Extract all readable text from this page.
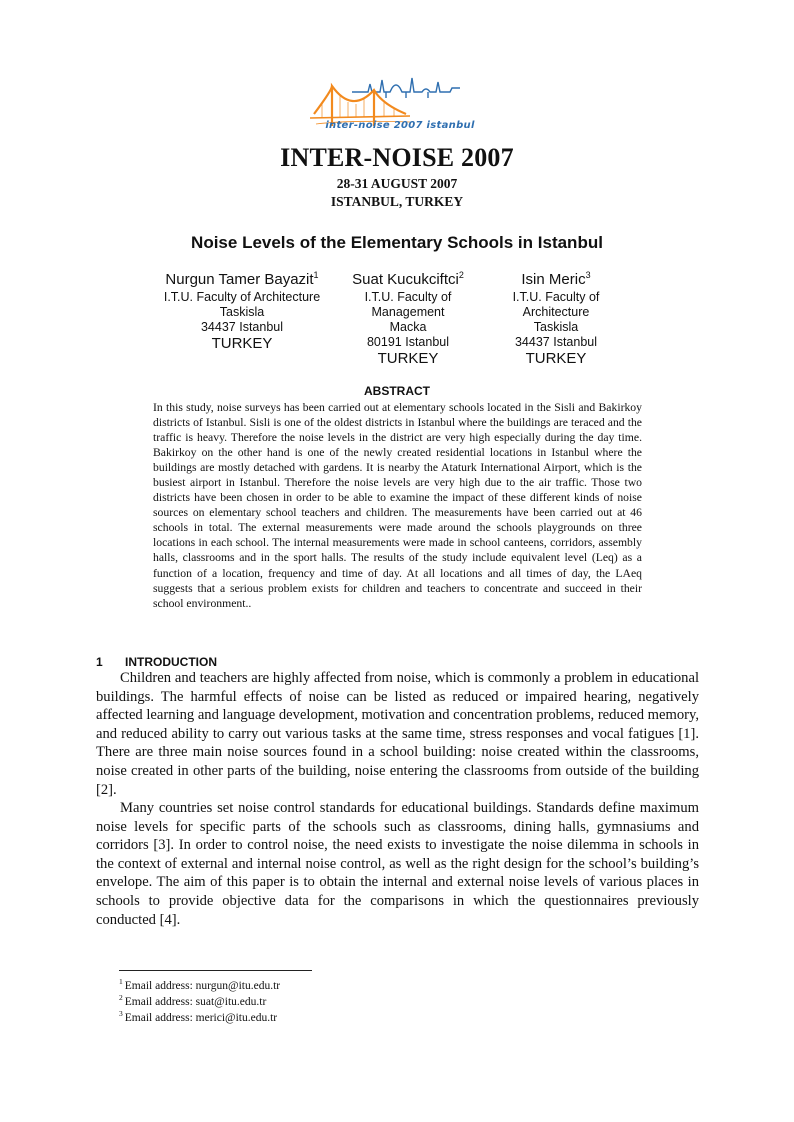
inter-noise 2007 istanbul
INTER-NOISE 2007
28-31 AUGUST 2007
ISTANBUL, TURKEY
Noise Levels of the Elementary Schools in Istanbul
Nurgun Tamer Bayazit$^1$
I.T.U. Faculty of Architecture
Taskisla
34437 Istanbul
TURKEY
Suat Kucukciftci$^2$
I.T.U. Faculty of
Management
Macka
80191 Istanbul
TURKEY
Isin Meric$^3$
I.T.U. Faculty of
Architecture
Taskisla
34437 Istanbul
TURKEY
ABSTRACT

In this study, noise surveys has been carried out at elementary schools located in the Sisli and Bakirkoy districts of Istanbul. Sisli is one of the oldest districts in Istanbul where the buildings are teraced and the traffic is heavy. Therefore the noise levels in the district are very high especially during the day time. Bakirkoy on the other hand is one of the newly created residential locations in Istanbul where the buildings are mostly detached with gardens. It is nearby the Ataturk International Airport, which is the busiest airport in Istanbul. Therefore the noise levels are very high due to the air traffic. Those two districts have been chosen in order to be able to examine the impact of these different kinds of noise sources on elementary school teachers and children. The measurements have been carried out at 46 schools in total. The external measurements were made around the schools playgrounds on three locations in each school. The internal measurements were made in school canteens, corridors, assembly halls, classrooms and in the sport halls. The results of the study include equivalent level (Leq) as a function of a location, frequency and time of day. At all locations and all times of day, the LAeq suggests that a serious problem exists for children and teachers to concentrate and succeed in their school environment..

1 INTRODUCTION

Children and teachers are highly affected from noise, which is commonly a problem in educational buildings. The harmful effects of noise can be listed as reduced or impaired hearing, negatively affected learning and language development, motivation and concentration problems, reduced memory, and reduced ability to carry out various tasks at the same time, stress responses and vocal fatigues [1]. There are three main noise sources found in a school building: noise created within the classrooms, noise created in other parts of the building, noise entering the classrooms from outside of the building [2].

Many countries set noise control standards for educational buildings. Standards define maximum noise levels for specific parts of the schools such as classrooms, dining halls, gymnasiums and corridors [3]. In order to control noise, the need exists to investigate the noise dilemma in schools in the context of external and internal noise control, as well as the right design for the school’s building’s envelope. The aim of this paper is to obtain the internal and external noise levels of various places in schools to provide objective data for the comparisons in which the questionnaires previously conducted [4].

$^1$ Email address: nurgun@itu.edu.tr
$^2$ Email address: suat@itu.edu.tr
$^3$ Email address: merici@itu.edu.tr
